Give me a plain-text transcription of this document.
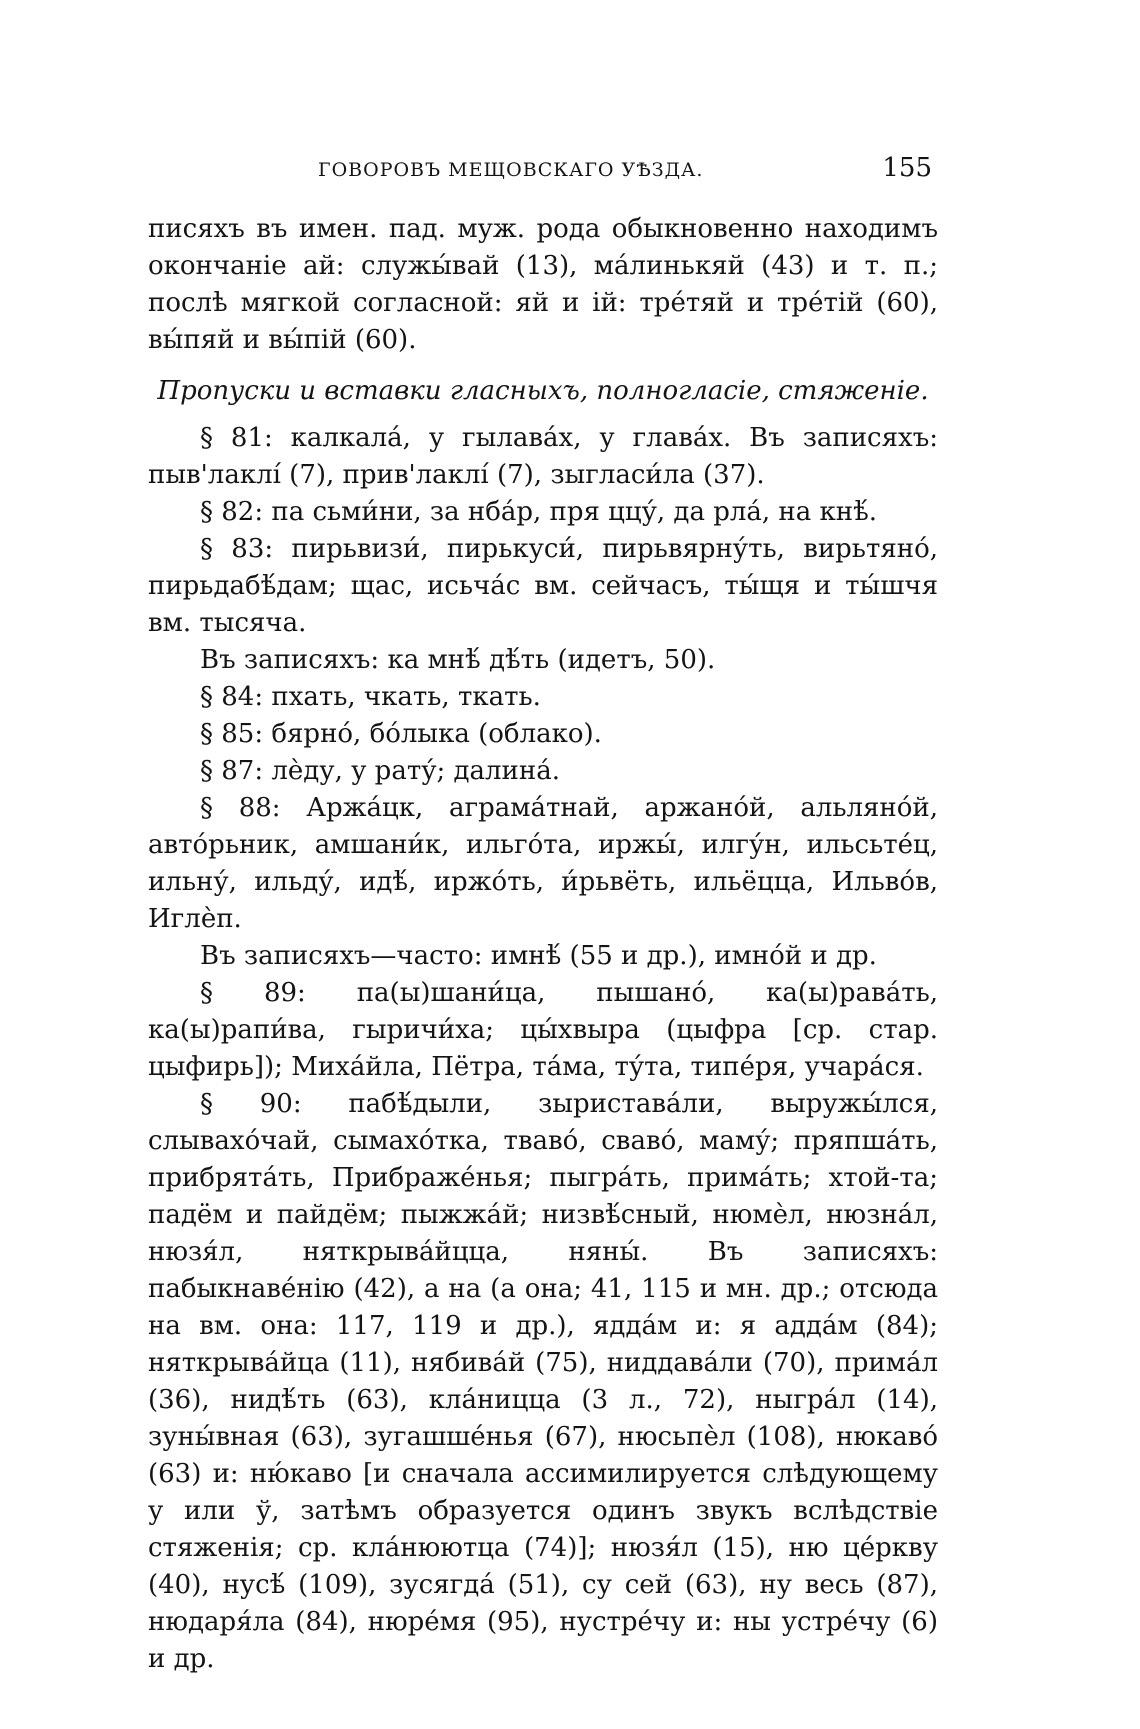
ГОВОРОВЪ МЕЩОВСКАГО УѢЗДА.	155

писяхъ въ имен. пад. муж. рода обыкновенно находимъ окончаніе ай: служы́вай (13), ма́линькяй (43) и т. п.; послѣ мягкой согласной: яй и ій: тре́тяй и тре́тій (60), вы́пяй и вы́пій (60).

Пропуски и вставки гласныхъ, полногласіе, стяженіе.

§ 81: калкала́, у гылава́х, у глава́х. Въ записяхъ: пыв'лаклі́ (7), прив'лаклі́ (7), зыглаcи́ла (37).

§ 82: па сьми́ни, за нба́р, пря ццу́, да рла́, на кнѣ́.

§ 83: пирьвизи́, пирькуси́, пирьвярну́ть, вирьтяно́, пирьдабѣ́дам; щас, исьча́с вм. сейчасъ, ты́щя и ты́шчя вм. тысяча.

Въ записяхъ: ка мнѣ́ дѣ́ть (идетъ, 50).

§ 84: пхать, чкать, ткать.

§ 85: бярно́, бо́лыка (облако).

§ 87: лѐду, у рату́; далина́.

§ 88: Аржа́цк, аграма́тнай, аржано́й, альляно́й, авто́рьник, амшани́к, ильго́та, иржы́, илгу́н, ильсьте́ц, ильну́, ильду́, идѣ́, иржо́ть, и́рьвёть, ильёцца, Ильво́в, Иглѐп.

Въ записяхъ—часто: имнѣ́ (55 и др.), имно́й и др.

§ 89: па(ы)шани́ца, пышано́, ка(ы)рава́ть, ка(ы)рапи́ва, гыричи́ха; цы́хвыра (цыфра [ср. стар. цыфирь]); Миха́йла, Пётра, та́ма, ту́та, типе́ря, учара́ся.

§ 90: пабѣ́дыли, зыриставáли, выружы́лся, слывахо́чай, сымахо́тка, тваво́, сваво́, маму́; пряпша́ть, прибрята́ть, Прибраже́нья; пыгра́ть, прима́ть; хтой-та; падём и пайдём; пыжжа́й; низвѣ́сный, нюмѐл, нюзна́л, нюзя́л, няткрыва́йцца, няны́. Въ записяхъ: пабыкнаве́нію (42), а на (а она; 41, 115 и мн. др.; отсюда на вм. она: 117, 119 и др.), ядда́м и: я адда́м (84); няткрыва́йца (11), нябива́й (75), ниддава́ли (70), прима́л (36), нидѣ́ть (63), кла́ницца (3 л., 72), ныгра́л (14), зуны́вная (63), зугашше́нья (67), нюсьпѐл (108), нюкаво́ (63) и: ню́кавo [и сначала ассимилируется слѣдующему у или ў, затѣмъ образуется одинъ звукъ вслѣдствіе стяженія; ср. кла́нюютца (74)]; нюзя́л (15), ню це́ркву (40), нусѣ́ (109), зусягда́ (51), су сей (63), ну весь (87), нюдаря́ла (84), нюре́мя (95), нустре́чу и: ны устре́чу (6) и др.
